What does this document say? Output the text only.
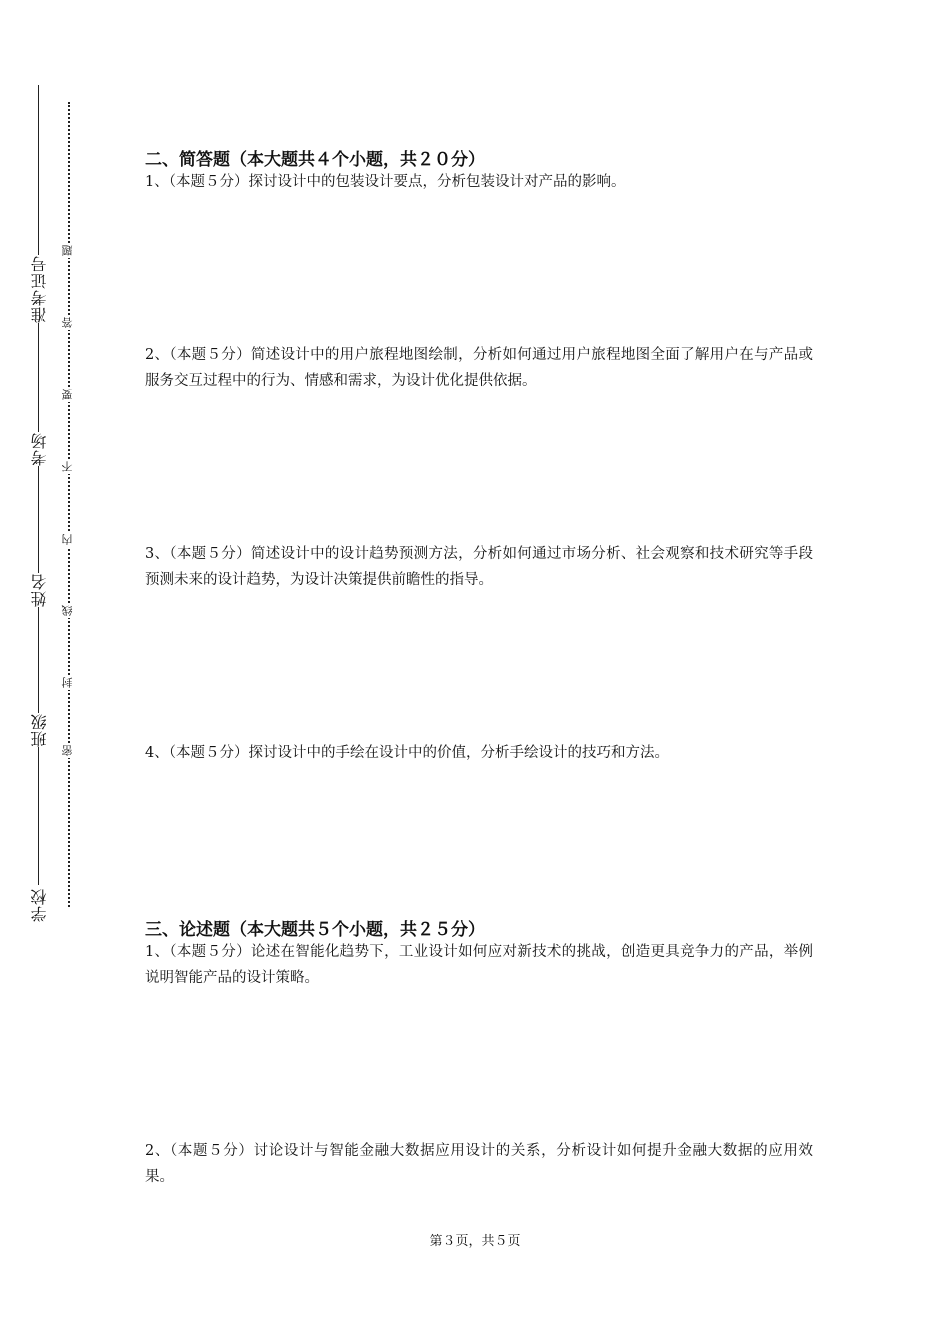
准考证号
考场
姓名
班级
学校
题
答
要
不
内
线
封
密
二、简答题（本大题共４个小题，共２０分）
1、（本题５分）探讨设计中的包装设计要点，分析包装设计对产品的影响。
2、（本题５分）简述设计中的用户旅程地图绘制，分析如何通过用户旅程地图全面了解用户在与产品或服务交互过程中的行为、情感和需求，为设计优化提供依据。
3、（本题５分）简述设计中的设计趋势预测方法，分析如何通过市场分析、社会观察和技术研究等手段预测未来的设计趋势，为设计决策提供前瞻性的指导。
4、（本题５分）探讨设计中的手绘在设计中的价值，分析手绘设计的技巧和方法。
三、论述题（本大题共５个小题，共２５分）
1、（本题５分）论述在智能化趋势下，工业设计如何应对新技术的挑战，创造更具竞争力的产品，举例说明智能产品的设计策略。
2、（本题５分）讨论设计与智能金融大数据应用设计的关系，分析设计如何提升金融大数据的应用效果。
第３页，共５页
